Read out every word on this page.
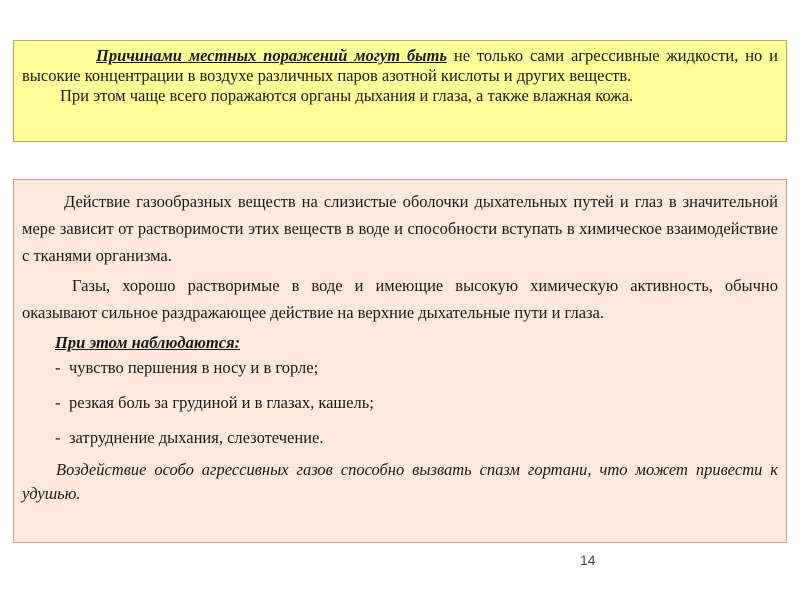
Причинами местных поражений могут быть не только сами агрессивные жидкости, но и высокие концентрации в воздухе различных паров азотной кислоты и других веществ.

При этом чаще всего поражаются органы дыхания и глаза, а также влажная кожа.

Действие газообразных веществ на слизистые оболочки дыхательных путей и глаз в значительной мере зависит от растворимости этих веществ в воде и способности вступать в химическое взаимодействие с тканями организма.

Газы, хорошо растворимые в воде и имеющие высокую химическую активность, обычно оказывают сильное раздражающее действие на верхние дыхательные пути и глаза.

При этом наблюдаются:

- чувство першения в носу и в горле;

- резкая боль за грудиной и в глазах, кашель;

- затруднение дыхания, слезотечение.

Воздействие особо агрессивных газов способно вызвать спазм гортани, что может привести к удушью.

14
